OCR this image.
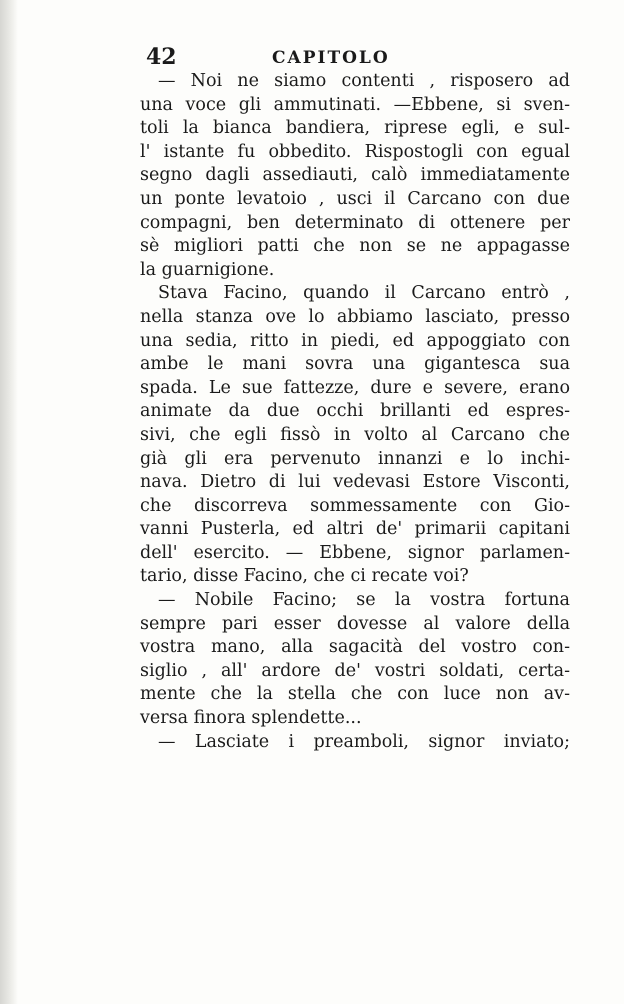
42	CAPITOLO
— Noi ne siamo contenti , risposero ad
una voce gli ammutinati. —Ebbene, si sven-
toli la bianca bandiera, riprese egli, e sul-
l' istante fu obbedito. Rispostogli con egual
segno dagli assediauti, calò immediatamente
un ponte levatoio , usci il Carcano con due
compagni, ben determinato di ottenere per
sè migliori patti che non se ne appagasse
la guarnigione.
Stava Facino, quando il Carcano entrò ,
nella stanza ove lo abbiamo lasciato, presso
una sedia, ritto in piedi, ed appoggiato con
ambe le mani sovra una gigantesca sua
spada. Le sue fattezze, dure e severe, erano
animate da due occhi brillanti ed espres-
sivi, che egli fissò in volto al Carcano che
già gli era pervenuto innanzi e lo inchi-
nava. Dietro di lui vedevasi Estore Visconti,
che discorreva sommessamente con Gio-
vanni Pusterla, ed altri de' primarii capitani
dell' esercito. — Ebbene, signor parlamen-
tario, disse Facino, che ci recate voi?
— Nobile Facino; se la vostra fortuna
sempre pari esser dovesse al valore della
vostra mano, alla sagacità del vostro con-
siglio , all' ardore de' vostri soldati, certa-
mente che la stella che con luce non av-
versa finora splendette...
— Lasciate i preamboli, signor inviato;
